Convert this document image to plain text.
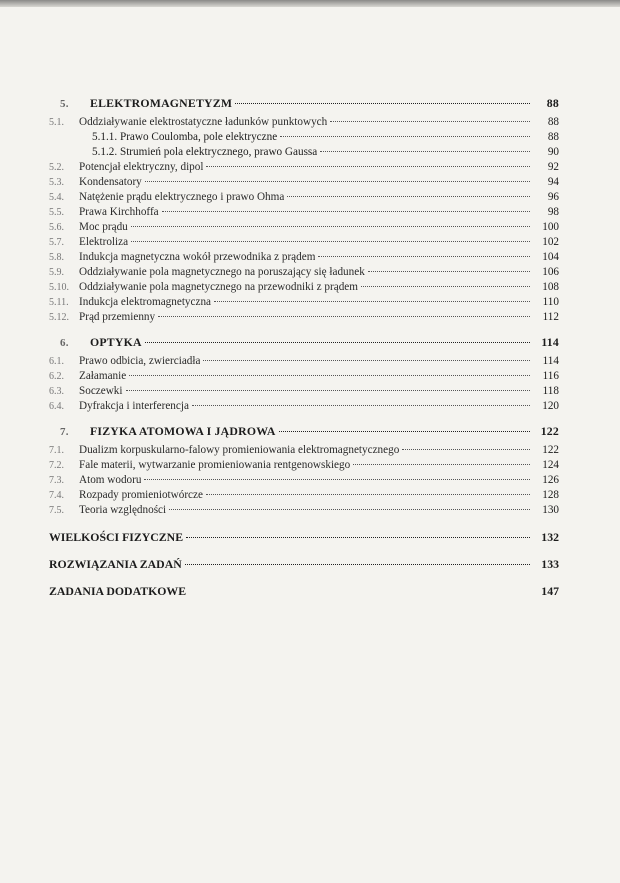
5.	ELEKTROMAGNETYZM	88
5.1.	Oddziaływanie elektrostatyczne ładunków punktowych	88
5.1.1. Prawo Coulomba, pole elektryczne	88
5.1.2. Strumień pola elektrycznego, prawo Gaussa	90
5.2.	Potencjał elektryczny, dipol	92
5.3.	Kondensatory	94
5.4.	Natężenie prądu elektrycznego i prawo Ohma	96
5.5.	Prawa Kirchhoffa	98
5.6.	Moc prądu	100
5.7.	Elektroliza	102
5.8.	Indukcja magnetyczna wokół przewodnika z prądem	104
5.9.	Oddziaływanie pola magnetycznego na poruszający się ładunek	106
5.10. Oddziaływanie pola magnetycznego na przewodniki z prądem	108
5.11. Indukcja elektromagnetyczna	110
5.12. Prąd przemienny	112
6.	OPTYKA	114
6.1.	Prawo odbicia, zwierciadła	114
6.2.	Załamanie	116
6.3.	Soczewki	118
6.4.	Dyfrakcja i interferencja	120
7.	FIZYKA ATOMOWA I JĄDROWA	122
7.1.	Dualizm korpuskularno-falowy promieniowania elektromagnetycznego	122
7.2.	Fale materii, wytwarzanie promieniowania rentgenowskiego	124
7.3.	Atom wodoru	126
7.4.	Rozpady promieniotwórcze	128
7.5.	Teoria względności	130
WIELKOŚCI FIZYCZNE	132
ROZWIĄZANIA ZADAŃ	133
ZADANIA DODATKOWE	147
